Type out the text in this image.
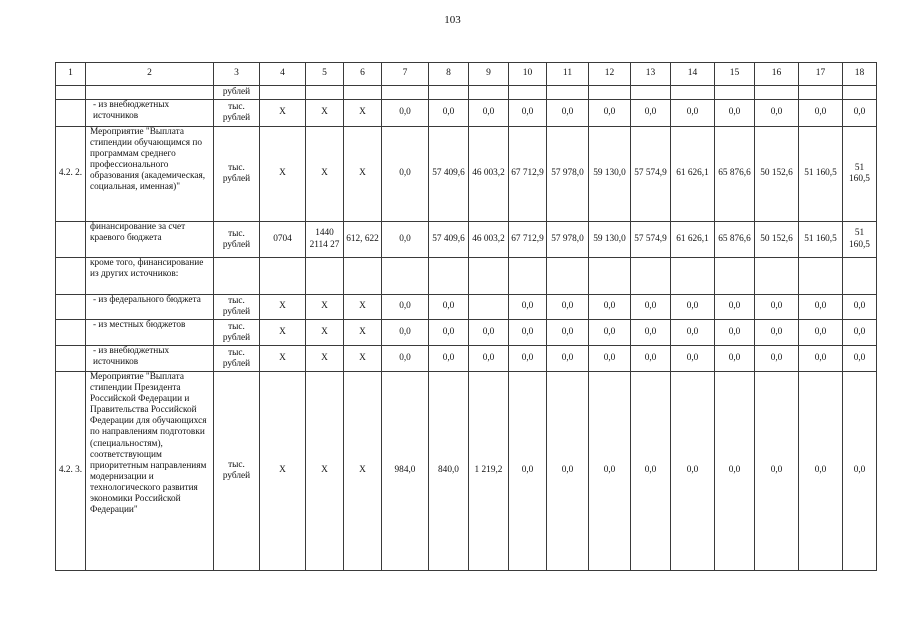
103
1	2	3	4	5	6	7	8	9	10	11	12	13	14	15	16	17	18
		рублей															
	- из внебюджетных источников	тыс. рублей	X	X	X	0,0	0,0	0,0	0,0	0,0	0,0	0,0	0,0	0,0	0,0	0,0	0,0
4.2. 2.	Мероприятие "Выплата стипендии обучающимся по программам среднего профессионального образования (академическая, социальная, именная)"	тыс. рублей	X	X	X	0,0	57 409,6	46 003,2	67 712,9	57 978,0	59 130,0	57 574,9	61 626,1	65 876,6	50 152,6	51 160,5	51 160,5
	финансирование за счет краевого бюджета	тыс. рублей	0704	1440 2114 27	612, 622	0,0	57 409,6	46 003,2	67 712,9	57 978,0	59 130,0	57 574,9	61 626,1	65 876,6	50 152,6	51 160,5	51 160,5
	кроме того, финансирование из других источников:																
	- из федерального бюджета	тыс. рублей	X	X	X	0,0	0,0		0,0	0,0	0,0	0,0	0,0	0,0	0,0	0,0	0,0
	- из местных бюджетов	тыс. рублей	X	X	X	0,0	0,0	0,0	0,0	0,0	0,0	0,0	0,0	0,0	0,0	0,0	0,0
	- из внебюджетных источников	тыс. рублей	X	X	X	0,0	0,0	0,0	0,0	0,0	0,0	0,0	0,0	0,0	0,0	0,0	0,0
4.2. 3.	Мероприятие "Выплата стипендии Президента Российской Федерации и Правительства Российской Федерации для обучающихся по направлениям подготовки (специальностям), соответствующим приоритетным направлениям модернизации и технологического развития экономики Российской Федерации"	тыс. рублей	X	X	X	984,0	840,0	1 219,2	0,0	0,0	0,0	0,0	0,0	0,0	0,0	0,0	0,0
